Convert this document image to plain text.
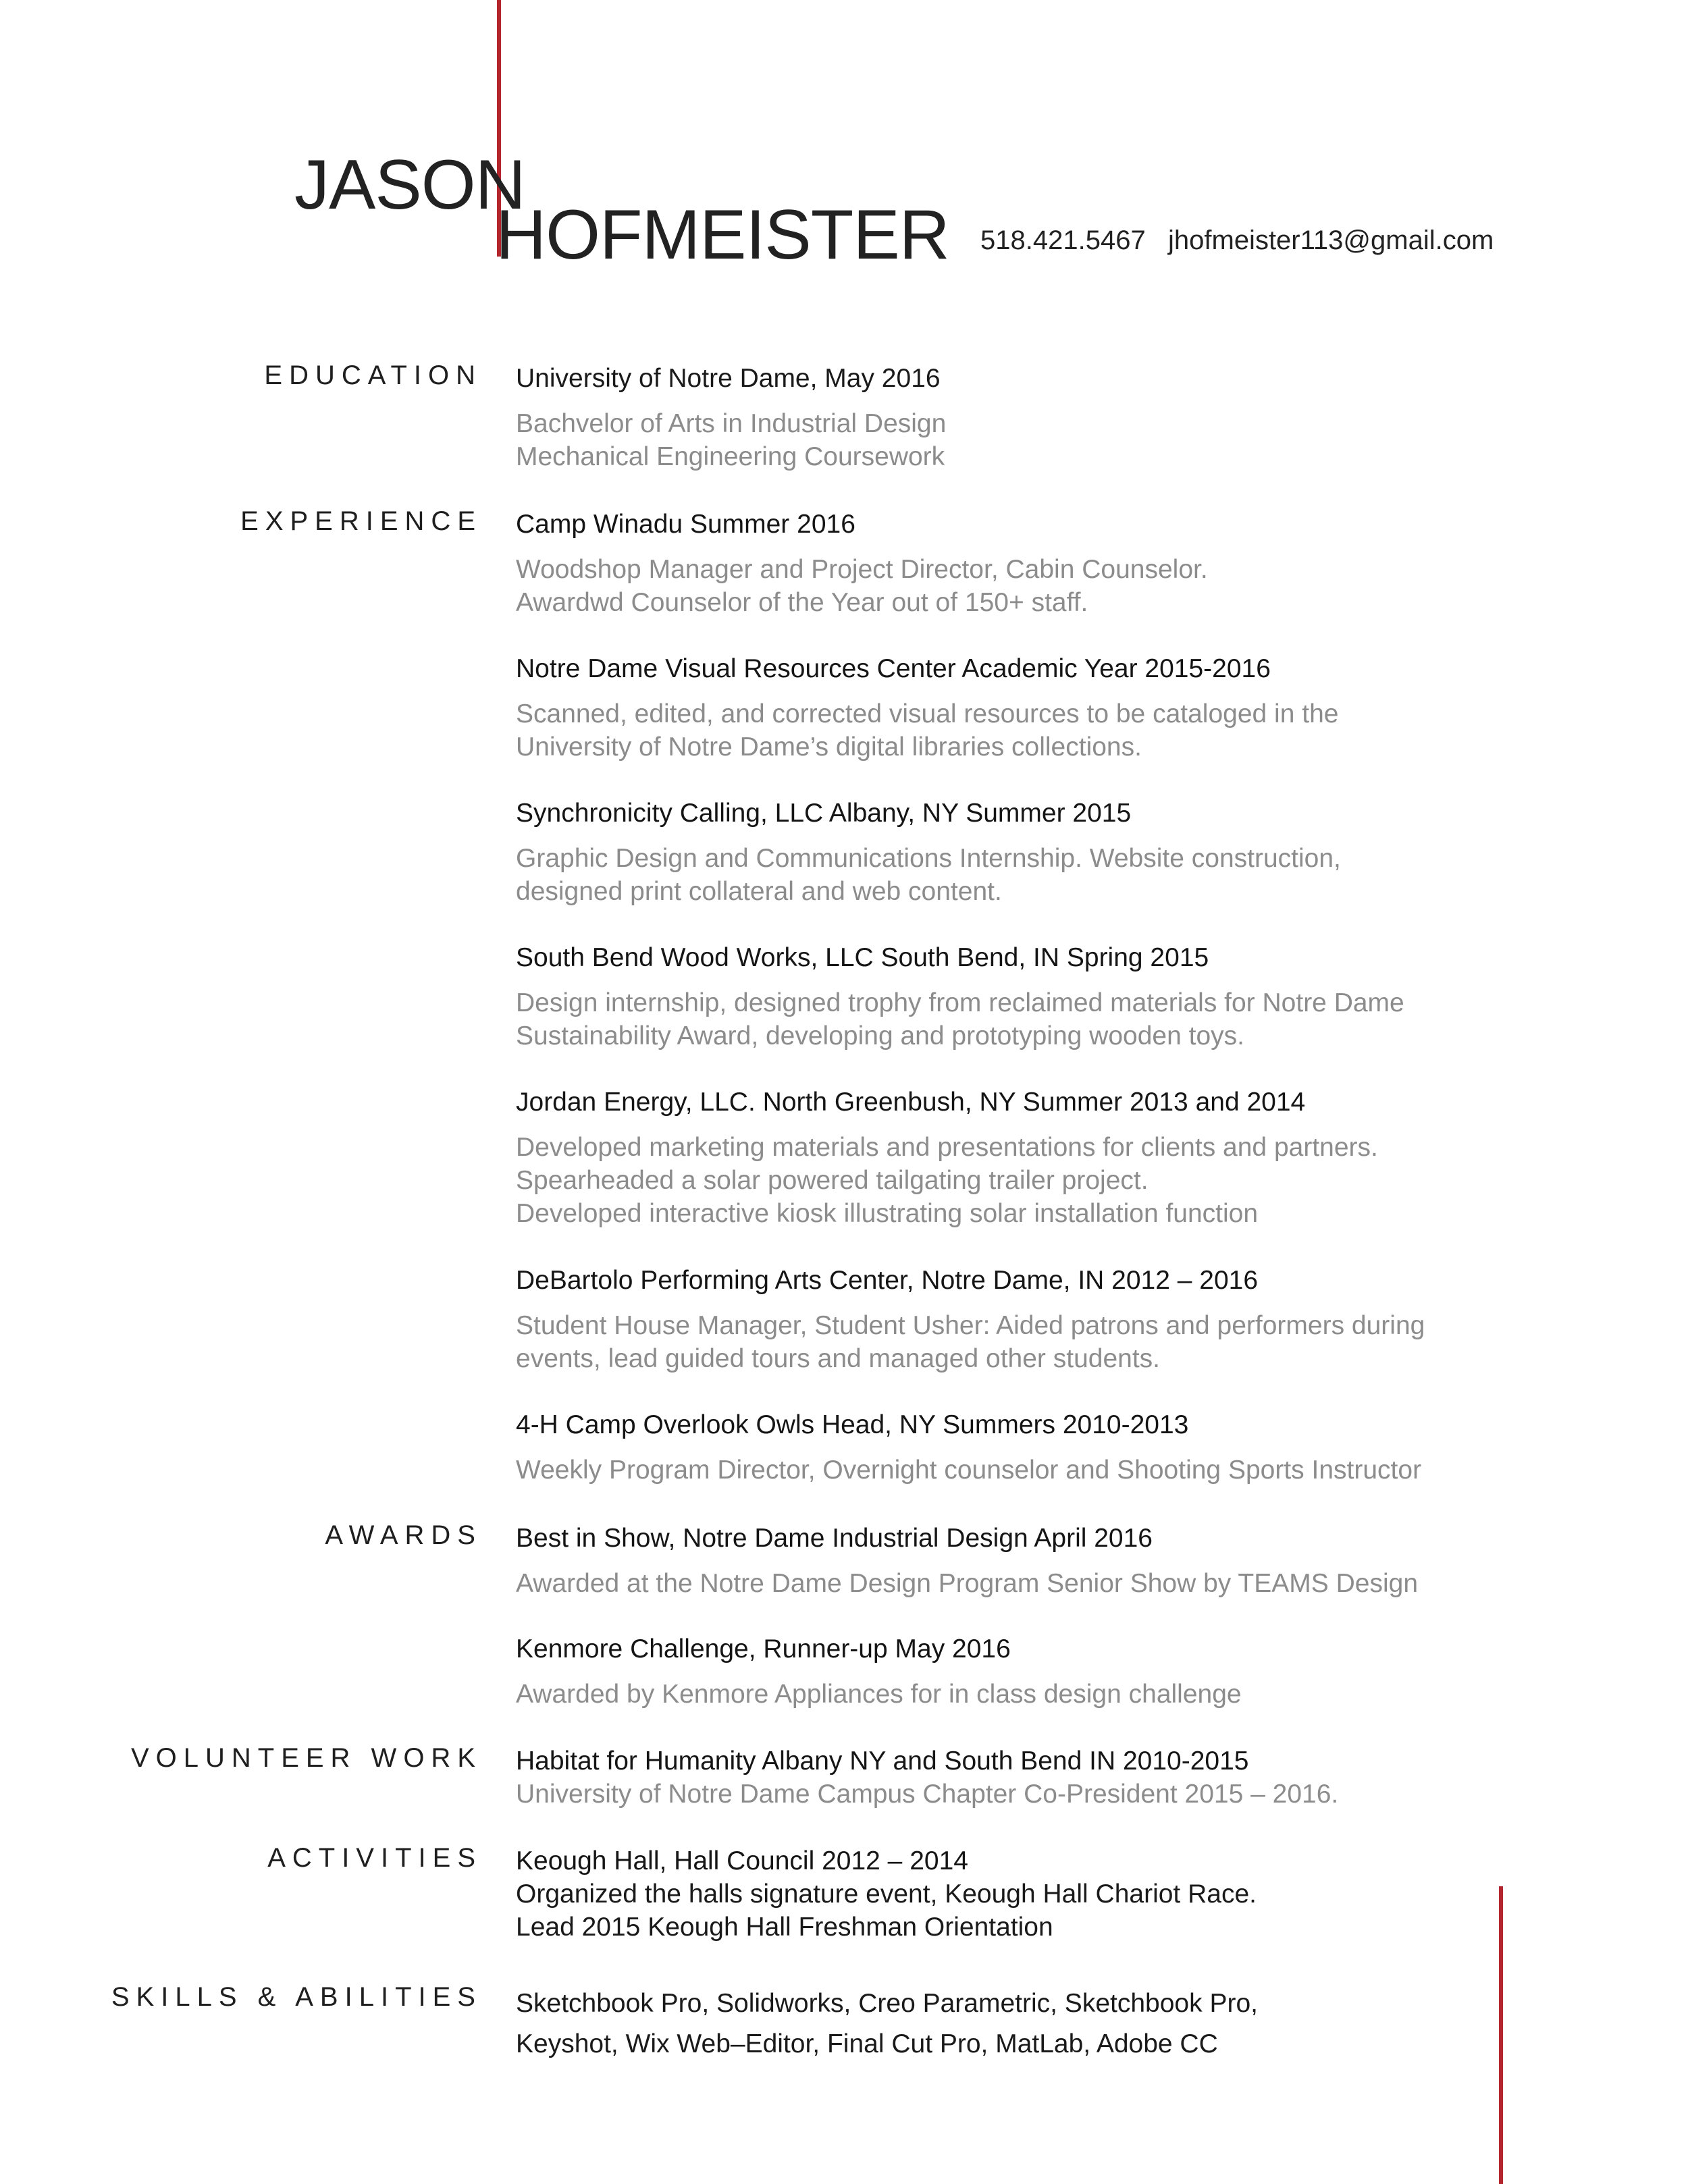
JASON
HOFMEISTER 518.421.5467 jhofmeister113@gmail.com
EDUCATION University of Notre Dame, May 2016
Bachvelor of Arts in Industrial Design
Mechanical Engineering Coursework
EXPERIENCE Camp Winadu Summer 2016
Woodshop Manager and Project Director, Cabin Counselor.
Awardwd Counselor of the Year out of 150+ staff.
Notre Dame Visual Resources Center Academic Year 2015-2016
Scanned, edited, and corrected visual resources to be cataloged in the
University of Notre Dame’s digital libraries collections.
Synchronicity Calling, LLC Albany, NY Summer 2015
Graphic Design and Communications Internship. Website construction,
designed print collateral and web content.
South Bend Wood Works, LLC South Bend, IN Spring 2015
Design internship, designed trophy from reclaimed materials for Notre Dame
Sustainability Award, developing and prototyping wooden toys.
Jordan Energy, LLC. North Greenbush, NY Summer 2013 and 2014
Developed marketing materials and presentations for clients and partners.
Spearheaded a solar powered tailgating trailer project.
Developed interactive kiosk illustrating solar installation function
DeBartolo Performing Arts Center, Notre Dame, IN 2012 – 2016
Student House Manager, Student Usher: Aided patrons and performers during
events, lead guided tours and managed other students.
4-H Camp Overlook Owls Head, NY Summers 2010-2013
Weekly Program Director, Overnight counselor and Shooting Sports Instructor
AWARDS Best in Show, Notre Dame Industrial Design April 2016
Awarded at the Notre Dame Design Program Senior Show by TEAMS Design
Kenmore Challenge, Runner-up May 2016
Awarded by Kenmore Appliances for in class design challenge
VOLUNTEER WORK Habitat for Humanity Albany NY and South Bend IN 2010-2015
University of Notre Dame Campus Chapter Co-President 2015 – 2016.
ACTIVITIES Keough Hall, Hall Council 2012 – 2014
Organized the halls signature event, Keough Hall Chariot Race.
Lead 2015 Keough Hall Freshman Orientation
SKILLS & ABILITIES Sketchbook Pro, Solidworks, Creo Parametric, Sketchbook Pro,
Keyshot, Wix Web–Editor, Final Cut Pro, MatLab, Adobe CC
